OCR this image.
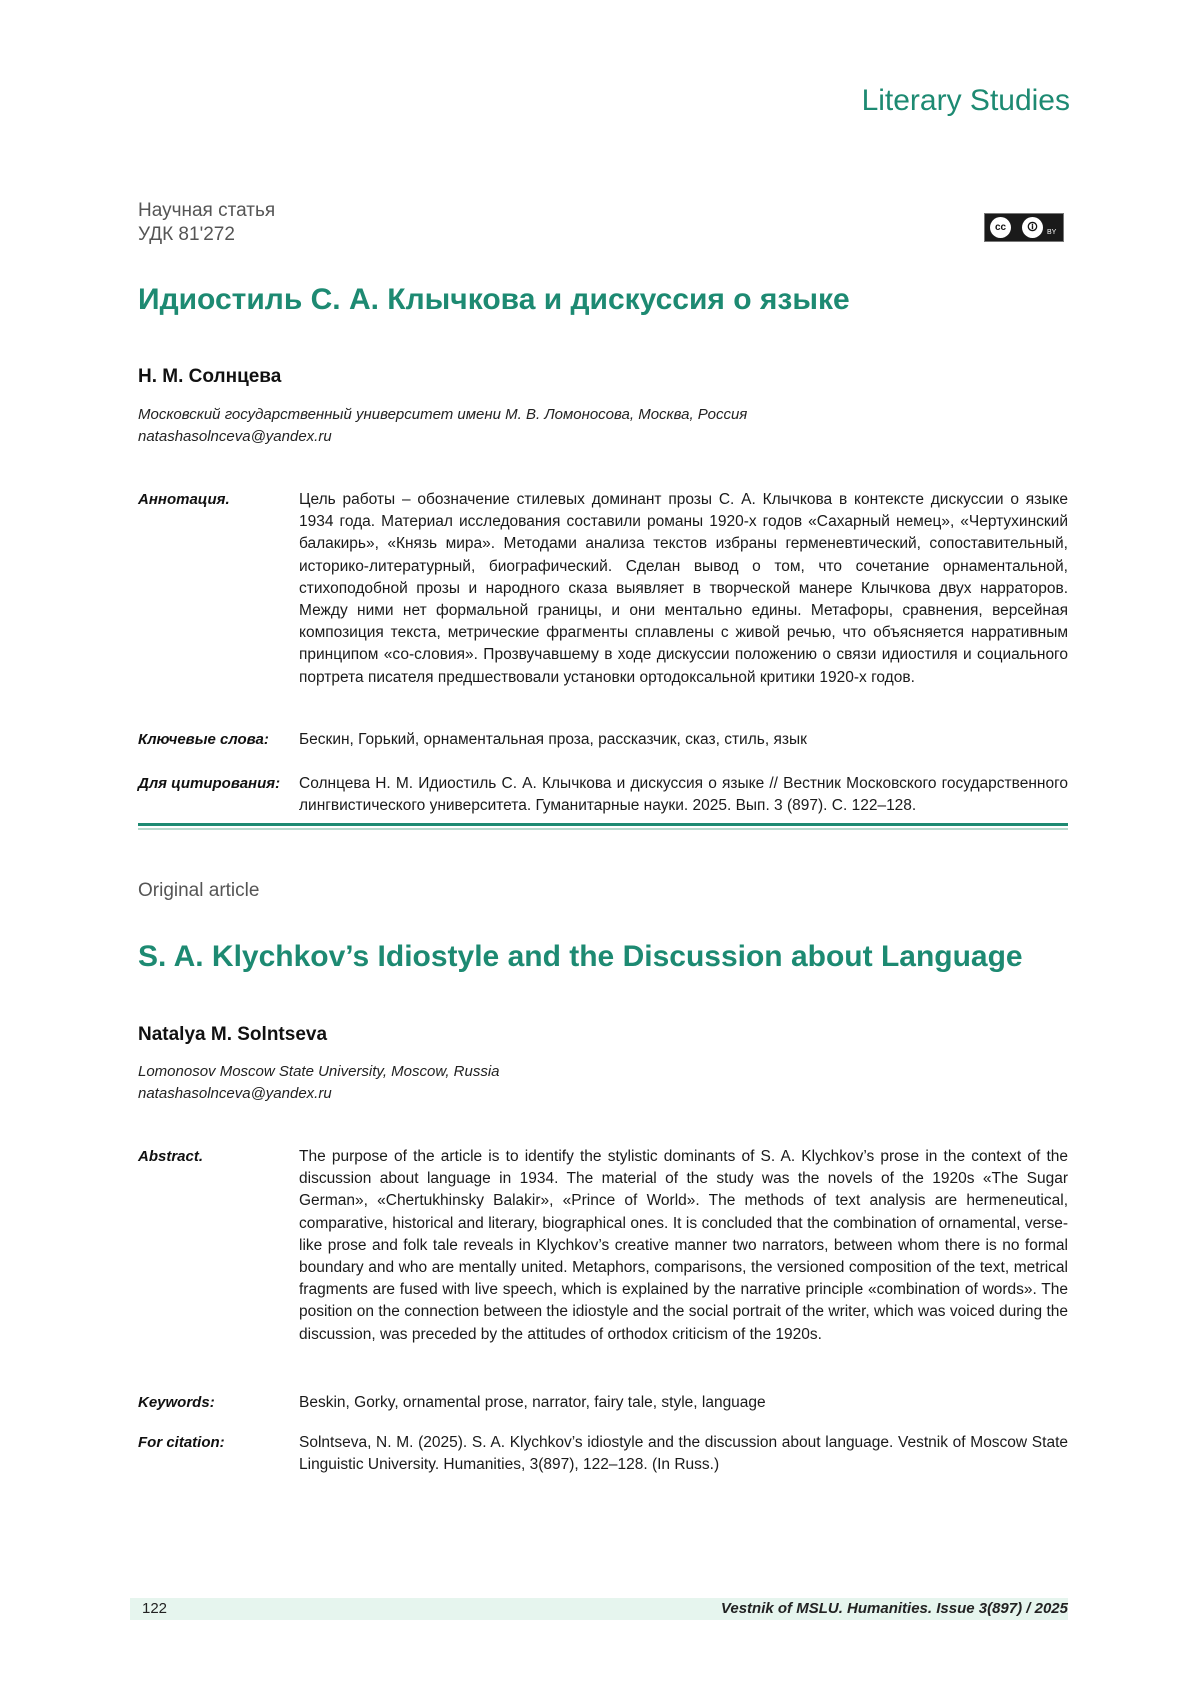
Literary Studies
Научная статья
УДК 81'272	cc	🛈	BY
Идиостиль С. А. Клычкова и дискуссия о языке
Н. М. Солнцева
Московский государственный университет имени М. В. Ломоносова, Москва, Россия
natashasolnceva@yandex.ru
Аннотация.	Цель работы – обозначение стилевых доминант прозы С. А. Клычкова в контексте дискуссии о языке 1934 года. Материал исследования составили романы 1920-х годов «Сахарный немец», «Чертухинский балакирь», «Князь мира». Методами анализа текстов избраны герменевтический, сопоставительный, историко-литературный, биографический. Сделан вывод о том, что сочетание орнаментальной, стихоподобной прозы и народного сказа выявляет в творческой манере Клычкова двух нарраторов. Между ними нет формальной границы, и они ментально едины. Метафоры, сравнения, версейная композиция текста, метрические фрагменты сплавлены с живой речью, что объясняется нарративным принципом «со-словия». Прозвучавшему в ходе дискуссии положению о связи идиостиля и социального портрета писателя предшествовали установки ортодоксальной критики 1920-х годов.
Ключевые слова:	Бескин, Горький, орнаментальная проза, рассказчик, сказ, стиль, язык
Для цитирования:	Солнцева Н. М. Идиостиль С. А. Клычкова и дискуссия о языке // Вестник Московского государственного лингвистического университета. Гуманитарные науки. 2025. Вып. 3 (897). С. 122–128.
Original article
S. A. Klychkov’s Idiostyle and the Discussion about Language
Natalya M. Solntseva
Lomonosov Moscow State University, Moscow, Russia
natashasolnceva@yandex.ru
Abstract.	The purpose of the article is to identify the stylistic dominants of S. A. Klychkov’s prose in the context of the discussion about language in 1934. The material of the study was the novels of the 1920s «The Sugar German», «Chertukhinsky Balakir», «Prince of World». The methods of text analysis are hermeneutical, comparative, historical and literary, biographical ones. It is concluded that the combination of ornamental, verse-like prose and folk tale reveals in Klychkov’s creative manner two narrators, between whom there is no formal boundary and who are mentally united. Metaphors, comparisons, the versioned composition of the text, metrical fragments are fused with live speech, which is explained by the narrative principle «combination of words». The position on the connection between the idiostyle and the social portrait of the writer, which was voiced during the discussion, was preceded by the attitudes of orthodox criticism of the 1920s.
Keywords:	Beskin, Gorky, ornamental prose, narrator, fairy tale, style, language
For citation:	Solntseva, N. M. (2025). S. A. Klychkov’s idiostyle and the discussion about language. Vestnik of Moscow State Linguistic University. Humanities, 3(897), 122–128. (In Russ.)
122	Vestnik of MSLU. Humanities. Issue 3(897) / 2025
